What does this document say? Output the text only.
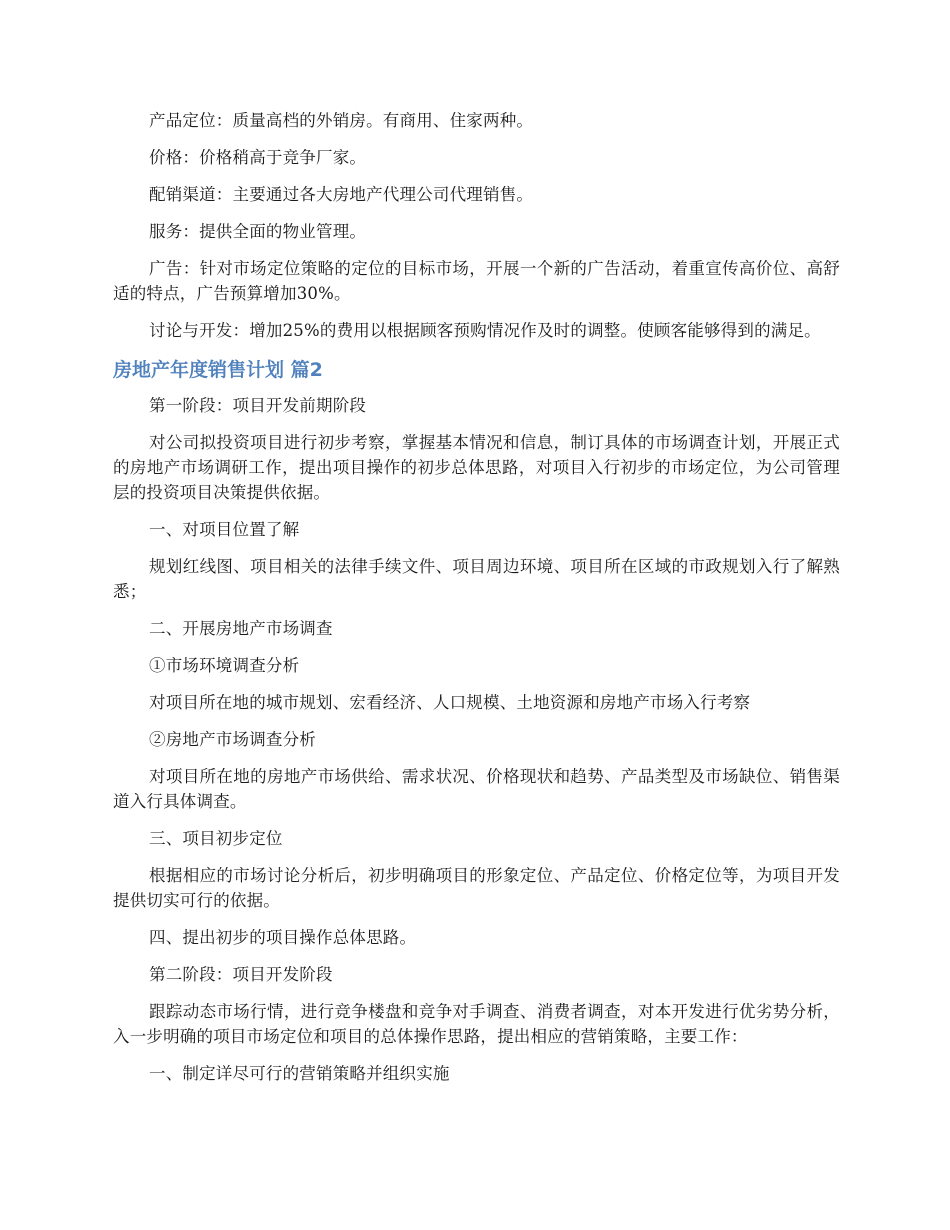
产品定位：质量高档的外销房。有商用、住家两种。

价格：价格稍高于竞争厂家。

配销渠道：主要通过各大房地产代理公司代理销售。

服务：提供全面的物业管理。

广告：针对市场定位策略的定位的目标市场，开展一个新的广告活动，着重宣传高价位、高舒适的特点，广告预算增加30%。

讨论与开发：增加25%的费用以根据顾客预购情况作及时的调整。使顾客能够得到的满足。

房地产年度销售计划 篇2

第一阶段：项目开发前期阶段

对公司拟投资项目进行初步考察，掌握基本情况和信息，制订具体的市场调查计划，开展正式的房地产市场调研工作，提出项目操作的初步总体思路，对项目入行初步的市场定位，为公司管理层的投资项目决策提供依据。

一、对项目位置了解

规划红线图、项目相关的法律手续文件、项目周边环境、项目所在区域的市政规划入行了解熟悉；

二、开展房地产市场调查

①市场环境调查分析

对项目所在地的城市规划、宏看经济、人口规模、土地资源和房地产市场入行考察

②房地产市场调查分析

对项目所在地的房地产市场供给、需求状况、价格现状和趋势、产品类型及市场缺位、销售渠道入行具体调查。

三、项目初步定位

根据相应的市场讨论分析后，初步明确项目的形象定位、产品定位、价格定位等，为项目开发提供切实可行的依据。

四、提出初步的项目操作总体思路。

第二阶段：项目开发阶段

跟踪动态市场行情，进行竞争楼盘和竞争对手调查、消费者调查，对本开发进行优劣势分析，入一步明确的项目市场定位和项目的总体操作思路，提出相应的营销策略，主要工作：

一、制定详尽可行的营销策略并组织实施
